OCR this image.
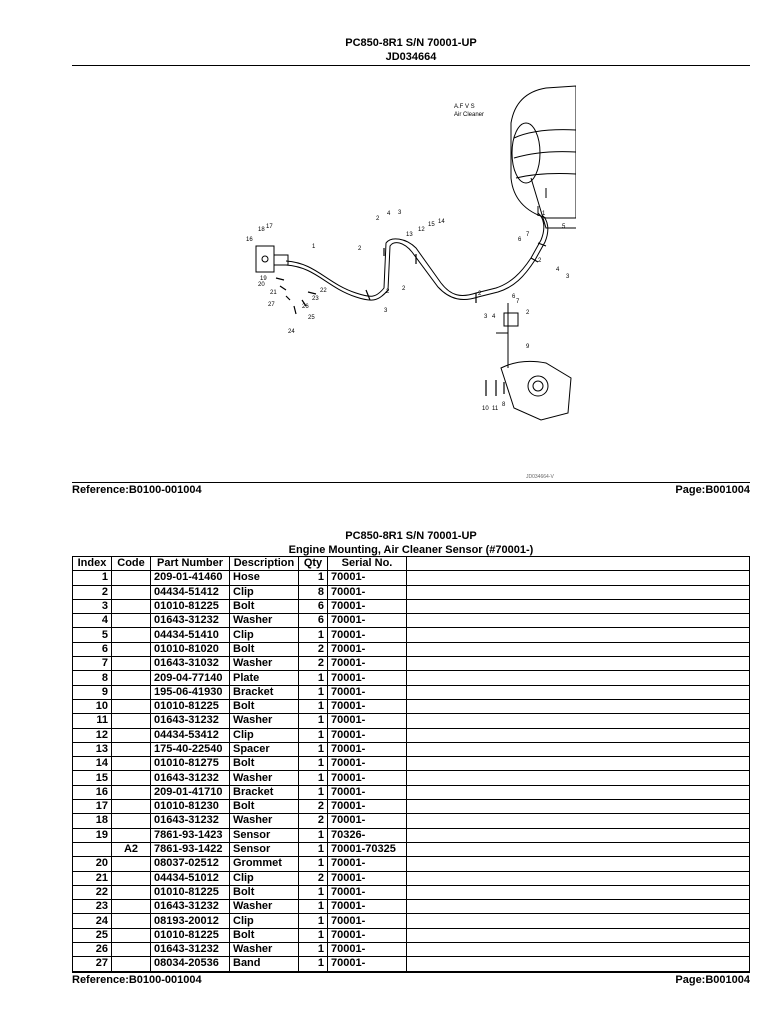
PC850-8R1 S/N 70001-UP
JD034664
A.F V S
Air Cleaner
1	2
2
4 3
13
12
15 14
18 17
16
19
20
21	22
23
26
27
25
24
2
3
2
2
3 4
6
7
2
9
1
6
7
5
2
4
3
10 11
8
JD034664-V
Reference:B0100-001004	Page:B001004
PC850-8R1 S/N 70001-UP
Engine Mounting, Air Cleaner Sensor (#70001-)
Index	Code	Part Number	Description	Qty	Serial No.	
1		209-01-41460	Hose	1	70001-	
2		04434-51412	Clip	8	70001-	
3		01010-81225	Bolt	6	70001-	
4		01643-31232	Washer	6	70001-	
5		04434-51410	Clip	1	70001-	
6		01010-81020	Bolt	2	70001-	
7		01643-31032	Washer	2	70001-	
8		209-04-77140	Plate	1	70001-	
9		195-06-41930	Bracket	1	70001-	
10		01010-81225	Bolt	1	70001-	
11		01643-31232	Washer	1	70001-	
12		04434-53412	Clip	1	70001-	
13		175-40-22540	Spacer	1	70001-	
14		01010-81275	Bolt	1	70001-	
15		01643-31232	Washer	1	70001-	
16		209-01-41710	Bracket	1	70001-	
17		01010-81230	Bolt	2	70001-	
18		01643-31232	Washer	2	70001-	
19		7861-93-1423	Sensor	1	70326-	
	A2	7861-93-1422	Sensor	1	70001-70325	
20		08037-02512	Grommet	1	70001-	
21		04434-51012	Clip	2	70001-	
22		01010-81225	Bolt	1	70001-	
23		01643-31232	Washer	1	70001-	
24		08193-20012	Clip	1	70001-	
25		01010-81225	Bolt	1	70001-	
26		01643-31232	Washer	1	70001-	
27		08034-20536	Band	1	70001-	
Reference:B0100-001004	Page:B001004
